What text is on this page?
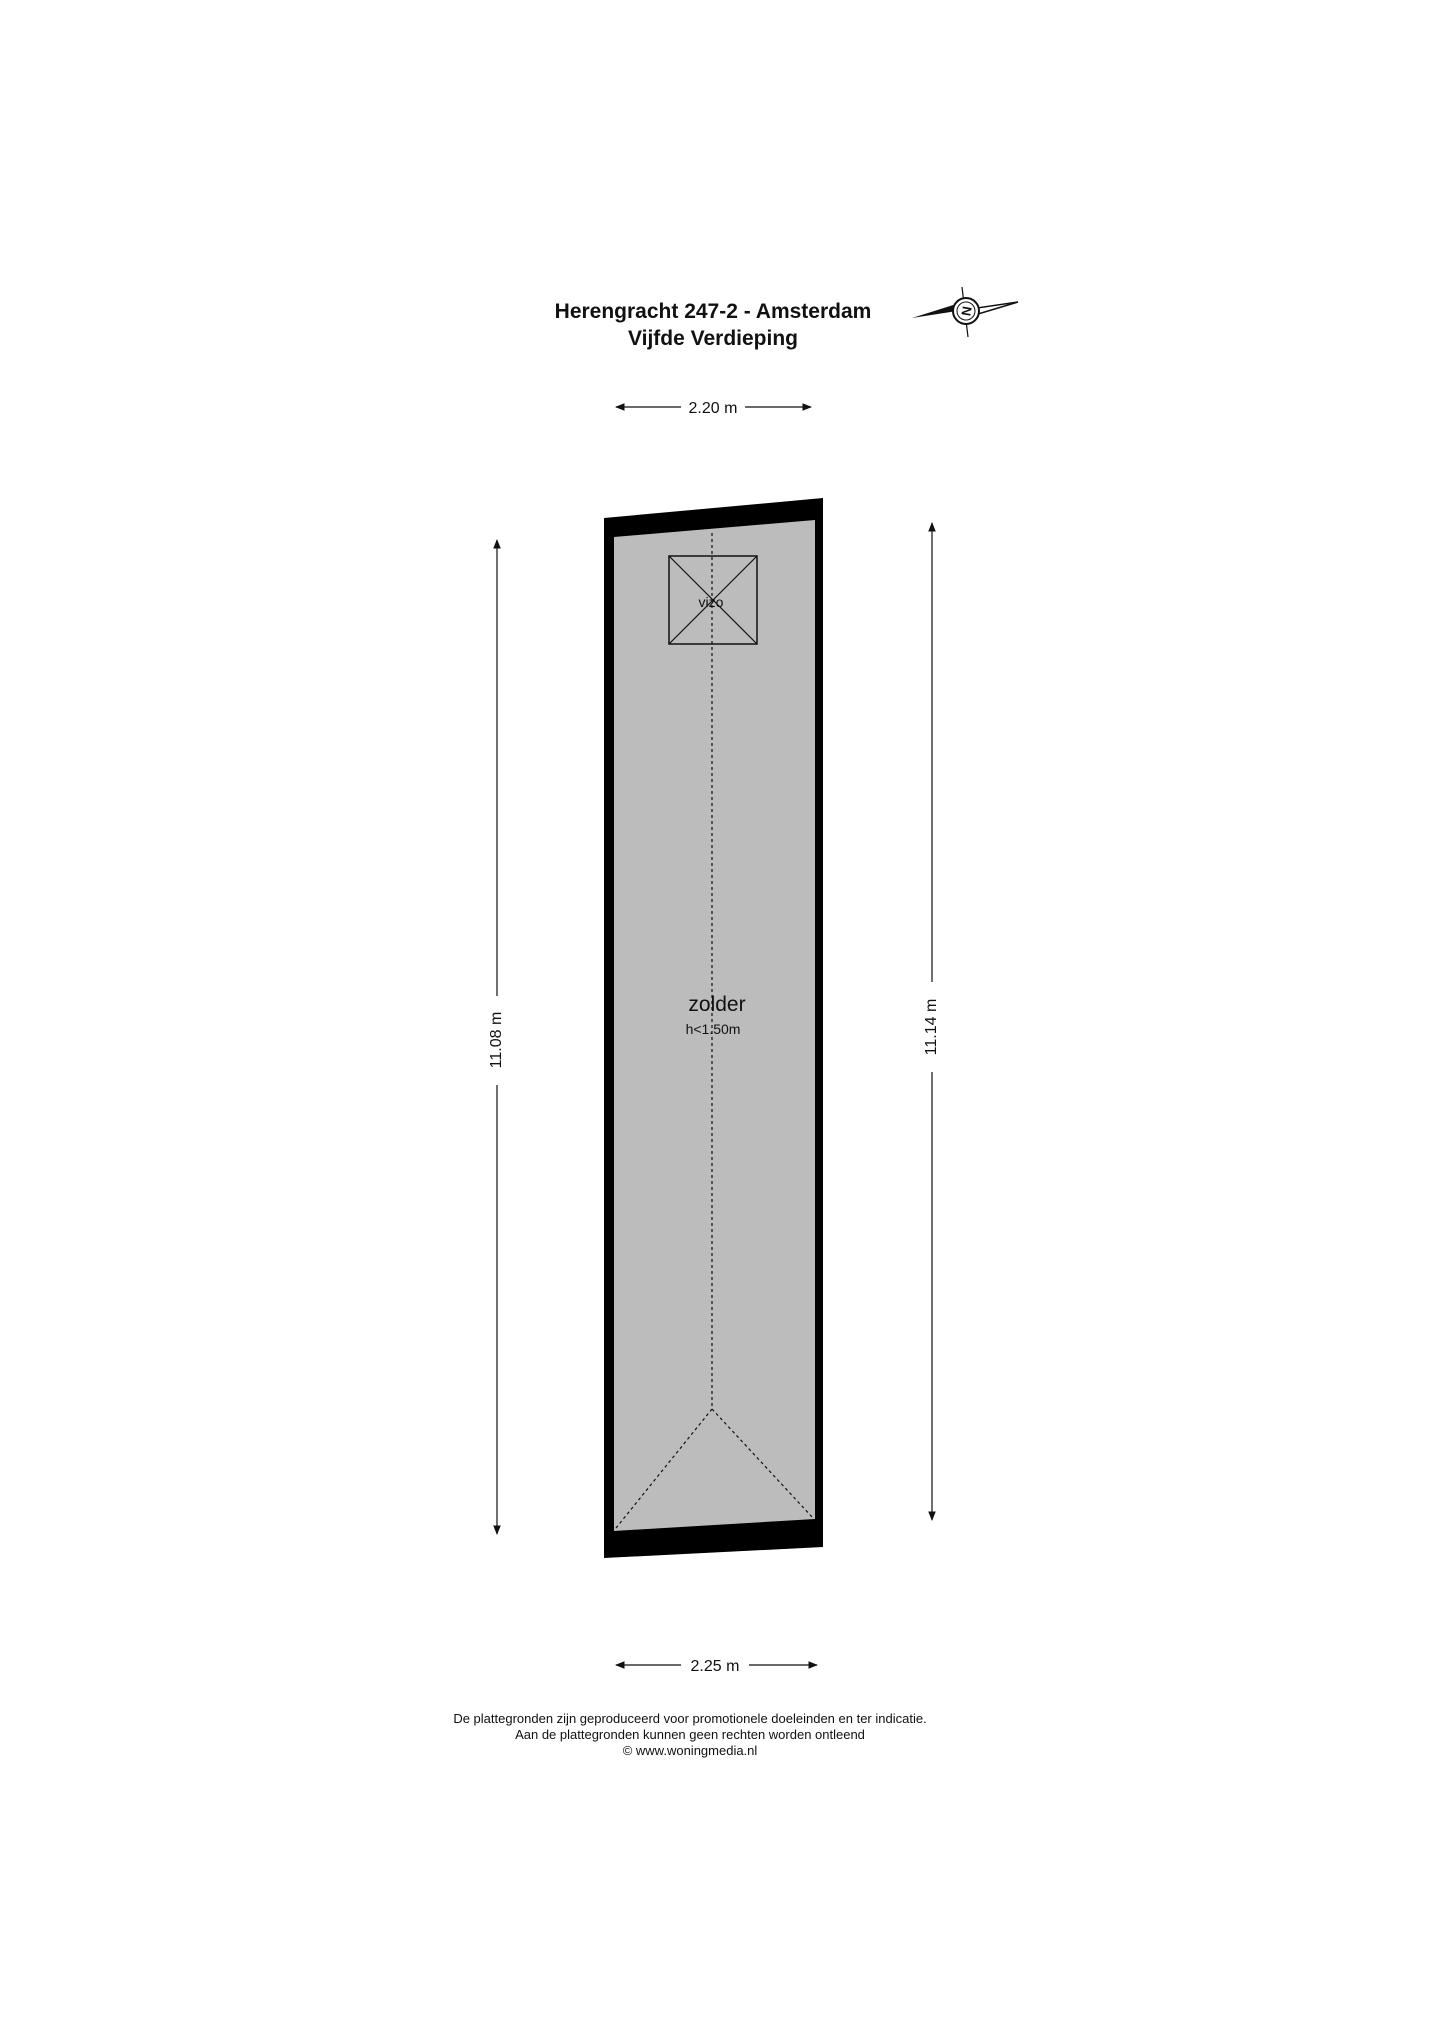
Herengracht 247-2 - Amsterdam
Vijfde Verdieping
N
2.20 m
2.25 m
11.08 m	11.14 m
vizo
zolder
h<1.50m
De plattegronden zijn geproduceerd voor promotionele doeleinden en ter indicatie.
Aan de plattegronden kunnen geen rechten worden ontleend
© www.woningmedia.nl
